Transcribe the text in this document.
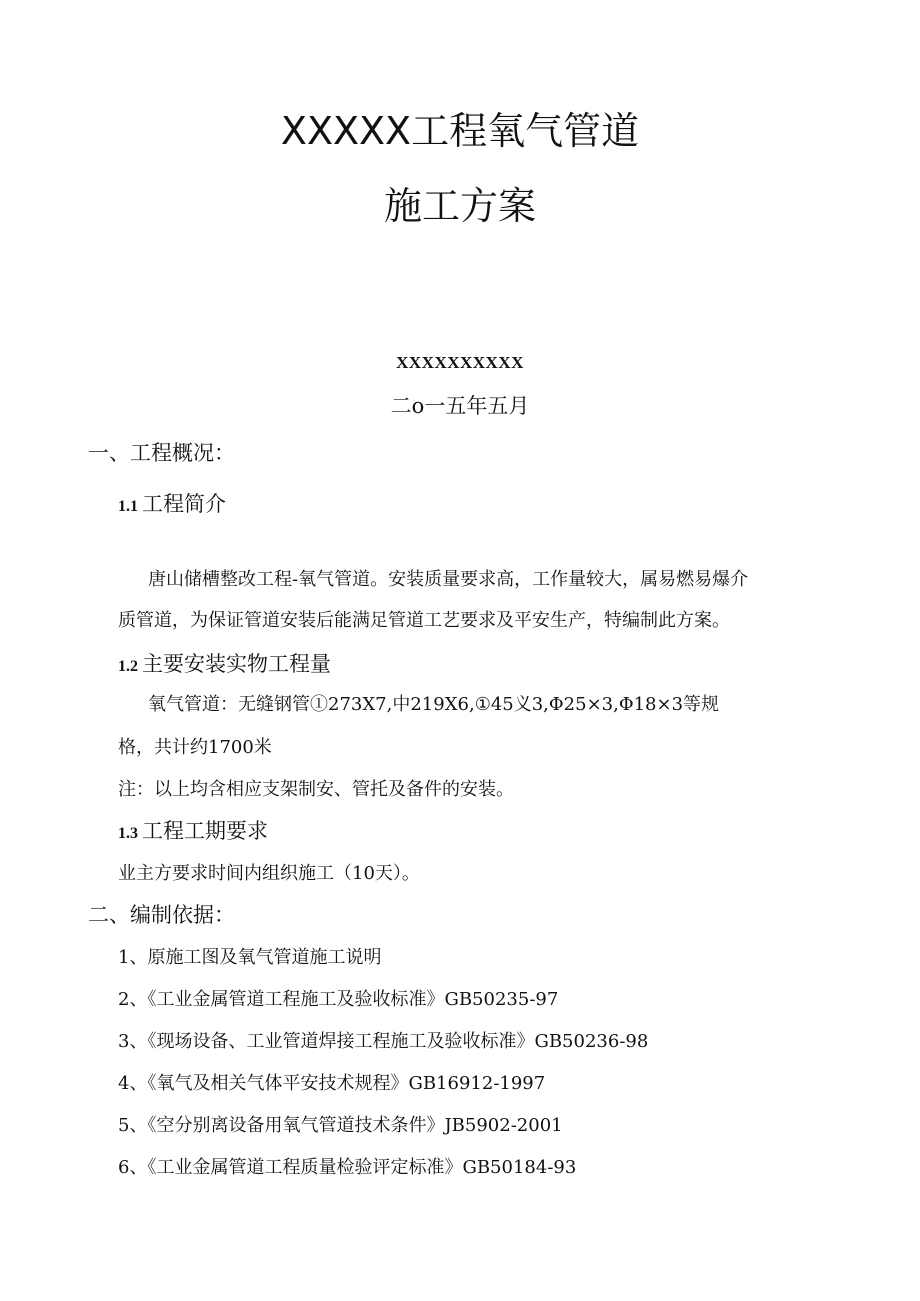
XXXXX工程氧气管道
施工方案
XXXXXXXXXX
二o一五年五月
一、工程概况：
1.1 工程简介
唐山储槽整改工程-氧气管道。安装质量要求高，工作量较大，属易燃易爆介
质管道，为保证管道安装后能满足管道工艺要求及平安生产，特编制此方案。
1.2 主要安装实物工程量
氧气管道：无缝钢管①273X7,中219X6,①45义3,Φ25×3,Φ18×3等规
格，共计约1700米
注：以上均含相应支架制安、管托及备件的安装。
1.3 工程工期要求
业主方要求时间内组织施工（10天）。
二、编制依据：
1、原施工图及氧气管道施工说明
2、《工业金属管道工程施工及验收标准》GB50235-97
3、《现场设备、工业管道焊接工程施工及验收标准》GB50236-98
4、《氧气及相关气体平安技术规程》GB16912-1997
5、《空分别离设备用氧气管道技术条件》JB5902-2001
6、《工业金属管道工程质量检验评定标准》GB50184-93
